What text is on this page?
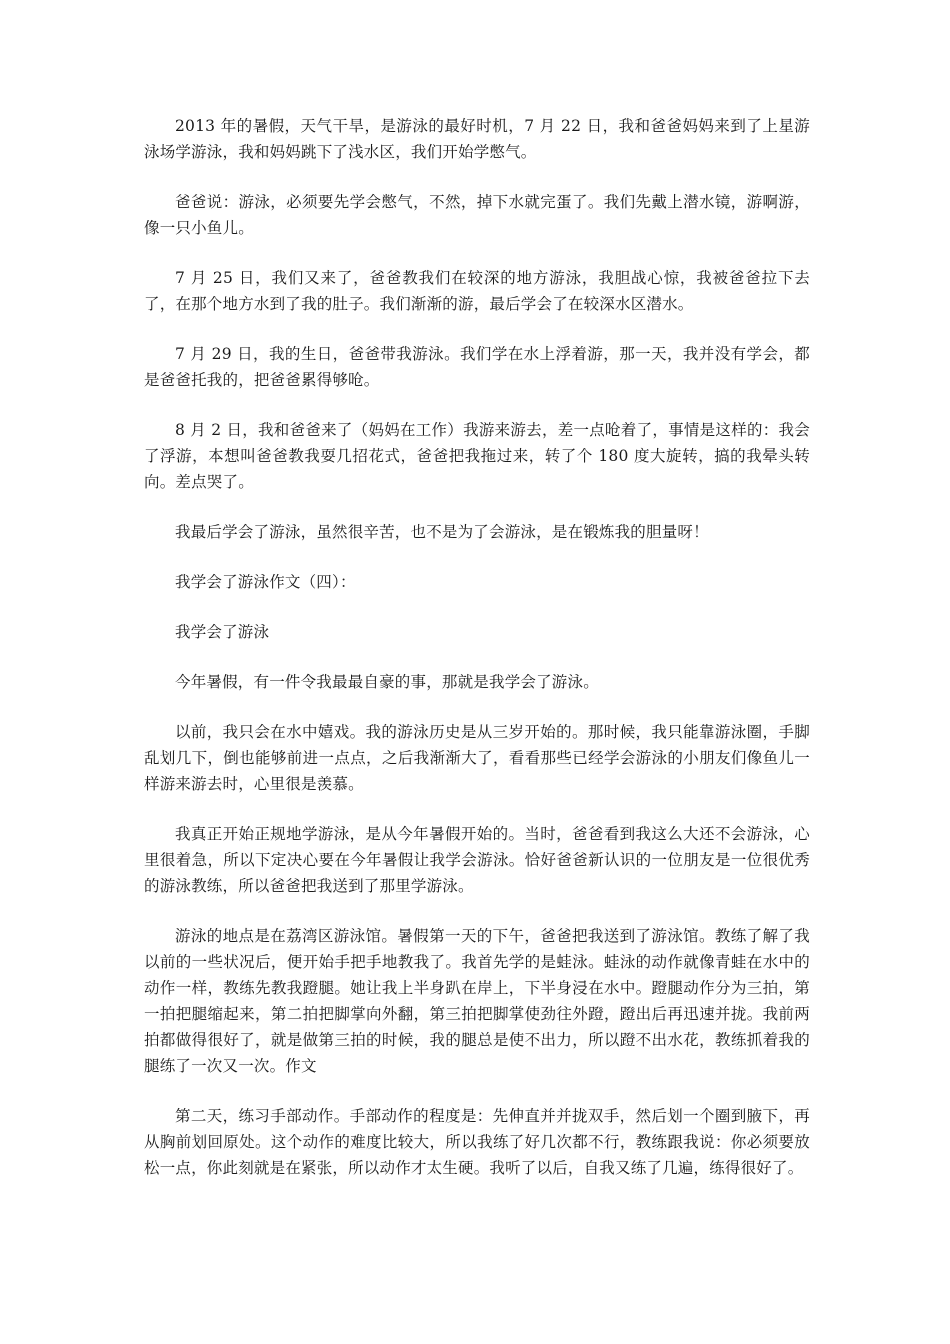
2013 年的暑假，天气干旱，是游泳的最好时机，7 月 22 日，我和爸爸妈妈来到了上星游泳场学游泳，我和妈妈跳下了浅水区，我们开始学憋气。

爸爸说：游泳，必须要先学会憋气，不然，掉下水就完蛋了。我们先戴上潜水镜，游啊游，像一只小鱼儿。

7 月 25 日，我们又来了，爸爸教我们在较深的地方游泳，我胆战心惊，我被爸爸拉下去了，在那个地方水到了我的肚子。我们渐渐的游，最后学会了在较深水区潜水。

7 月 29 日，我的生日，爸爸带我游泳。我们学在水上浮着游，那一天，我并没有学会，都是爸爸托我的，把爸爸累得够呛。

8 月 2 日，我和爸爸来了（妈妈在工作）我游来游去，差一点呛着了，事情是这样的：我会了浮游，本想叫爸爸教我耍几招花式，爸爸把我拖过来，转了个 180 度大旋转，搞的我晕头转向。差点哭了。

我最后学会了游泳，虽然很辛苦，也不是为了会游泳，是在锻炼我的胆量呀！

我学会了游泳作文（四）：

我学会了游泳

今年暑假，有一件令我最最自豪的事，那就是我学会了游泳。

以前，我只会在水中嬉戏。我的游泳历史是从三岁开始的。那时候，我只能靠游泳圈，手脚乱划几下，倒也能够前进一点点，之后我渐渐大了，看看那些已经学会游泳的小朋友们像鱼儿一样游来游去时，心里很是羡慕。

我真正开始正规地学游泳，是从今年暑假开始的。当时，爸爸看到我这么大还不会游泳，心里很着急，所以下定决心要在今年暑假让我学会游泳。恰好爸爸新认识的一位朋友是一位很优秀的游泳教练，所以爸爸把我送到了那里学游泳。

游泳的地点是在荔湾区游泳馆。暑假第一天的下午，爸爸把我送到了游泳馆。教练了解了我以前的一些状况后，便开始手把手地教我了。我首先学的是蛙泳。蛙泳的动作就像青蛙在水中的动作一样，教练先教我蹬腿。她让我上半身趴在岸上，下半身浸在水中。蹬腿动作分为三拍，第一拍把腿缩起来，第二拍把脚掌向外翻，第三拍把脚掌使劲往外蹬，蹬出后再迅速并拢。我前两拍都做得很好了，就是做第三拍的时候，我的腿总是使不出力，所以蹬不出水花，教练抓着我的腿练了一次又一次。作文

第二天，练习手部动作。手部动作的程度是：先伸直并并拢双手，然后划一个圈到腋下，再从胸前划回原处。这个动作的难度比较大，所以我练了好几次都不行，教练跟我说：你必须要放松一点，你此刻就是在紧张，所以动作才太生硬。我听了以后，自我又练了几遍，练得很好了。
